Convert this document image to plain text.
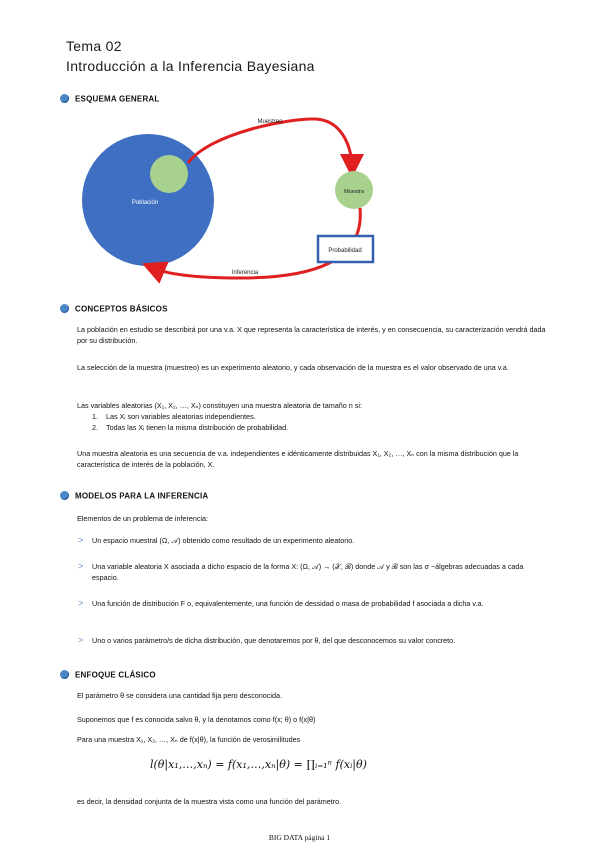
Tema 02
Introducción a la Inferencia Bayesiana
ESQUEMA GENERAL
Población
Muestreo
Muestra
Inferencia
Probabilidad
CONCEPTOS BÁSICOS
La población en estudio se describirá por una v.a. X que representa la característica de interés, y en consecuencia, su caracterización vendrá dada por su distribución.
La selección de la muestra (muestreo) es un experimento aleatorio, y cada observación de la muestra es el valor observado de una v.a.
Las variables aleatorias (X₁, X₂, …, Xₙ) constituyen una muestra aleatoria de tamaño n si:
1. Las Xᵢ son variables aleatorias independientes.
2. Todas las Xᵢ tienen la misma distribución de probabilidad.
Una muestra aleatoria es una secuencia de v.a. independientes e idénticamente distribuidas X₁, X₂, …, Xₙ con la misma distribución que la característica de interés de la población, X.
MODELOS PARA LA INFERENCIA
Elementos de un problema de inferencia:
> Un espacio muestral (Ω, 𝒜) obtenido como resultado de un experimento aleatorio.
> Una variable aleatoria X asociada a dicho espacio de la forma X: (Ω, 𝒜) → (𝒳, ℬ) donde 𝒜 y ℬ son las σ −álgebras adecuadas a cada espacio.
> Una función de distribución F o, equivalentemente, una función de dessidad o masa de probabilidad f asociada a dicha v.a.
> Uno o varios parámetro/s de dicha distribución, que denotaremos por θ, del que desconocemos su valor concreto.
ENFOQUE CLÁSICO
El parámetro θ se considera una cantidad fija pero desconocida.
Suponemos que f es conocida salvo θ, y la denotamos como f(x; θ) o f(x|θ)
Para una muestra X₁, X₂, …, Xₙ de f(x|θ), la función de verosimilitudes
l(θ|x₁,…,xₙ) = f(x₁,…,xₙ|θ) = ∏ᵢ₌₁ⁿ f(xᵢ|θ)
es decir, la densidad conjunta de la muestra vista como una función del parámetro.
BIG DATA página 1
